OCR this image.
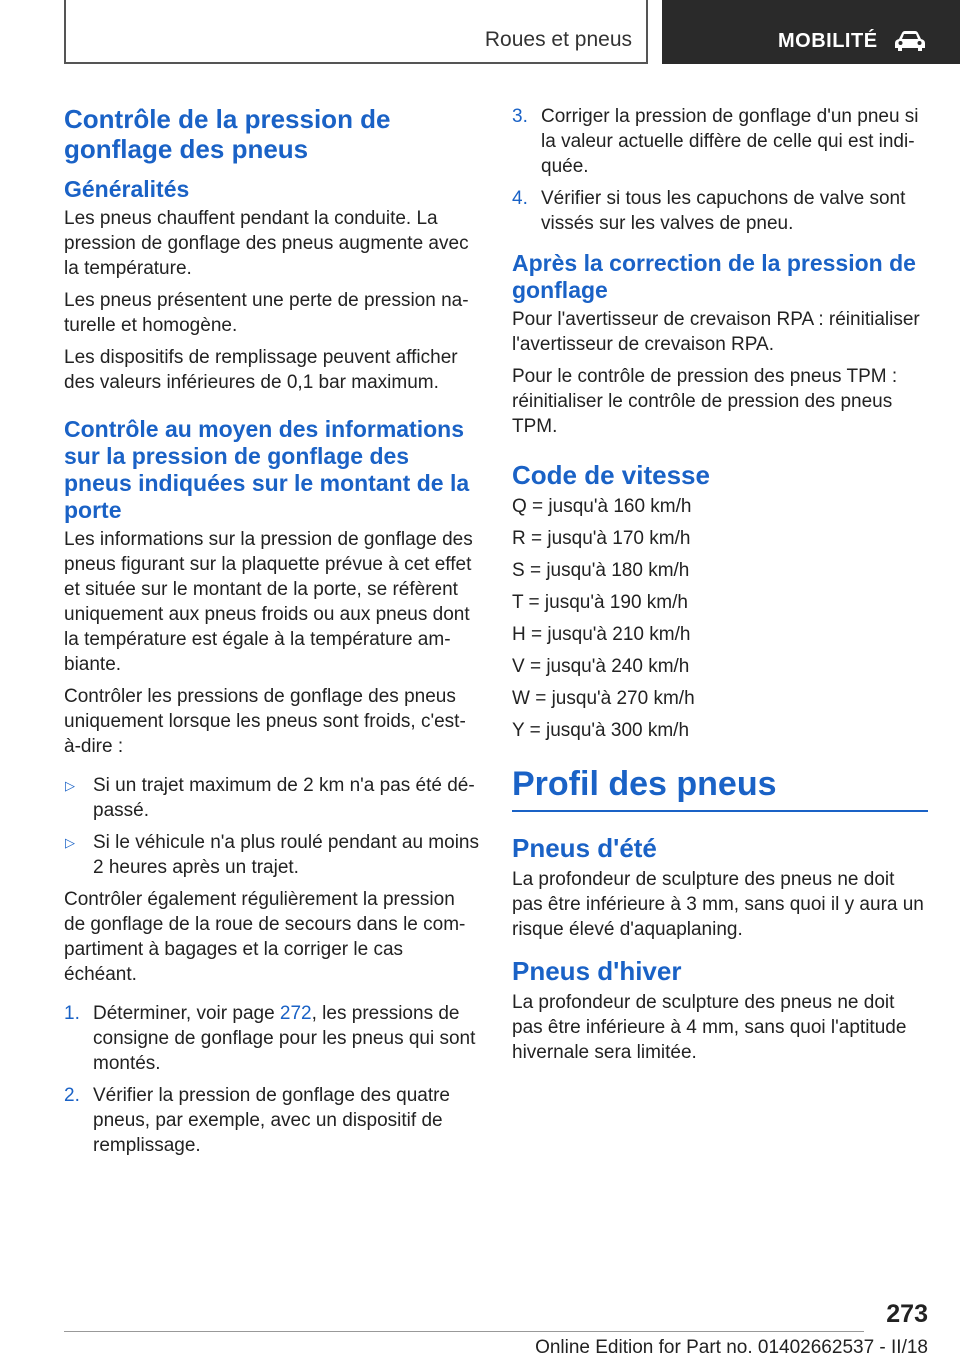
Roues et pneus	MOBILITÉ
Contrôle de la pression de gonflage des pneus
Généralités

Les pneus chauffent pendant la conduite. La pression de gonflage des pneus augmente avec la température.

Les pneus présentent une perte de pression na-turelle et homogène.

Les dispositifs de remplissage peuvent afficher des valeurs inférieures de 0,1 bar maximum.

Contrôle au moyen des informations sur la pression de gonflage des pneus indiquées sur le montant de la porte

Les informations sur la pression de gonflage des pneus figurant sur la plaquette prévue à cet effet et située sur le montant de la porte, se réfèrent uniquement aux pneus froids ou aux pneus dont la température est égale à la température am-biante.

Contrôler les pressions de gonflage des pneus uniquement lorsque les pneus sont froids, c'est-à-dire :

▷ Si un trajet maximum de 2 km n'a pas été dé-passé.
▷ Si le véhicule n'a plus roulé pendant au moins 2 heures après un trajet.

Contrôler également régulièrement la pression de gonflage de la roue de secours dans le com-partiment à bagages et la corriger le cas échéant.

1. Déterminer, voir page 272, les pressions de consigne de gonflage pour les pneus qui sont montés.
2. Vérifier la pression de gonflage des quatre pneus, par exemple, avec un dispositif de remplissage.
3. Corriger la pression de gonflage d'un pneu si la valeur actuelle diffère de celle qui est indi-quée.
4. Vérifier si tous les capuchons de valve sont vissés sur les valves de pneu.
Après la correction de la pression de gonflage

Pour l'avertisseur de crevaison RPA : réinitialiser l'avertisseur de crevaison RPA.

Pour le contrôle de pression des pneus TPM : réinitialiser le contrôle de pression des pneus TPM.

Code de vitesse

Q = jusqu'à 160 km/h

R = jusqu'à 170 km/h

S = jusqu'à 180 km/h

T = jusqu'à 190 km/h

H = jusqu'à 210 km/h

V = jusqu'à 240 km/h

W = jusqu'à 270 km/h

Y = jusqu'à 300 km/h

Profil des pneus
Pneus d'été

La profondeur de sculpture des pneus ne doit pas être inférieure à 3 mm, sans quoi il y aura un risque élevé d'aquaplaning.

Pneus d'hiver

La profondeur de sculpture des pneus ne doit pas être inférieure à 4 mm, sans quoi l'aptitude hivernale sera limitée.

273
Online Edition for Part no. 01402662537 - II/18
